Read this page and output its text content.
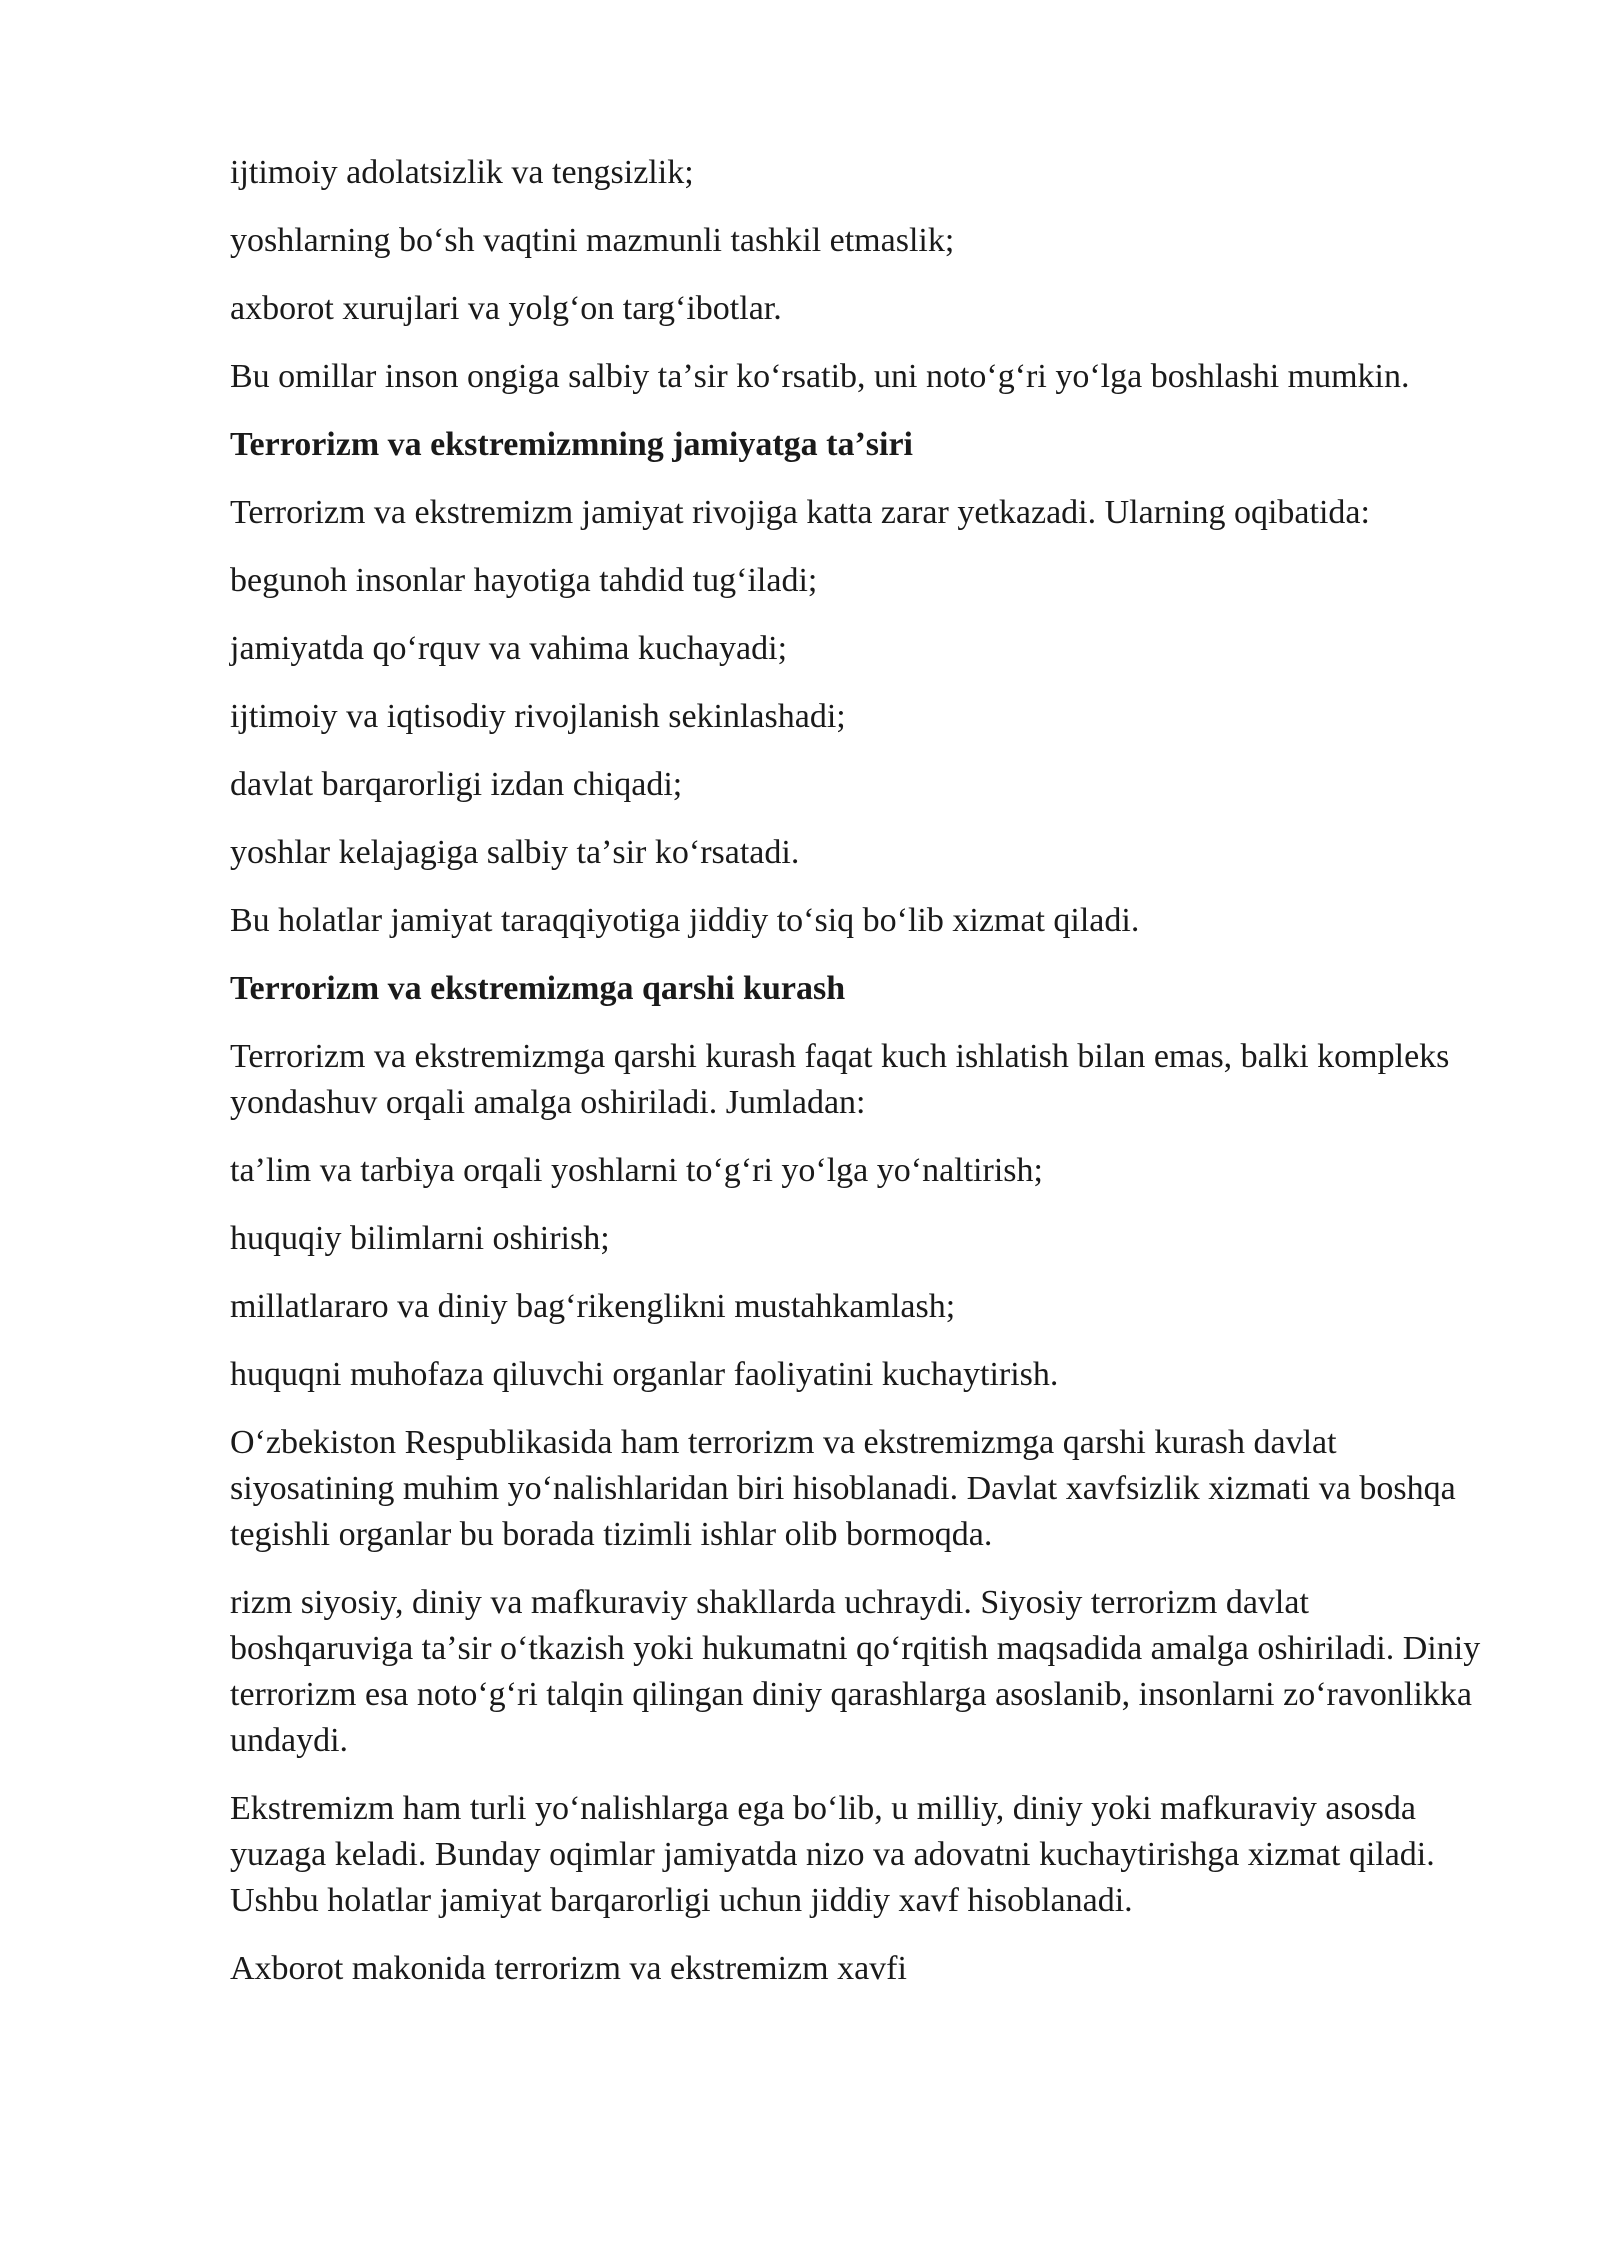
ijtimoiy adolatsizlik va tengsizlik;

yoshlarning boʻsh vaqtini mazmunli tashkil etmaslik;

axborot xurujlari va yolgʻon targʻibotlar.

Bu omillar inson ongiga salbiy taʼsir koʻrsatib, uni notoʻgʻri yoʻlga boshlashi mumkin.

Terrorizm va ekstremizmning jamiyatga taʼsiri

Terrorizm va ekstremizm jamiyat rivojiga katta zarar yetkazadi. Ularning oqibatida:

begunoh insonlar hayotiga tahdid tugʻiladi;

jamiyatda qoʻrquv va vahima kuchayadi;

ijtimoiy va iqtisodiy rivojlanish sekinlashadi;

davlat barqarorligi izdan chiqadi;

yoshlar kelajagiga salbiy taʼsir koʻrsatadi.

Bu holatlar jamiyat taraqqiyotiga jiddiy toʻsiq boʻlib xizmat qiladi.

Terrorizm va ekstremizmga qarshi kurash

Terrorizm va ekstremizmga qarshi kurash faqat kuch ishlatish bilan emas, balki kompleks yondashuv orqali amalga oshiriladi. Jumladan:

taʼlim va tarbiya orqali yoshlarni toʻgʻri yoʻlga yoʻnaltirish;

huquqiy bilimlarni oshirish;

millatlararo va diniy bagʻrikenglikni mustahkamlash;

huquqni muhofaza qiluvchi organlar faoliyatini kuchaytirish.

Oʻzbekiston Respublikasida ham terrorizm va ekstremizmga qarshi kurash davlat siyosatining muhim yoʻnalishlaridan biri hisoblanadi. Davlat xavfsizlik xizmati va boshqa tegishli organlar bu borada tizimli ishlar olib bormoqda.

rizm siyosiy, diniy va mafkuraviy shakllarda uchraydi. Siyosiy terrorizm davlat boshqaruviga taʼsir oʻtkazish yoki hukumatni qoʻrqitish maqsadida amalga oshiriladi. Diniy terrorizm esa notoʻgʻri talqin qilingan diniy qarashlarga asoslanib, insonlarni zoʻravonlikka undaydi.

Ekstremizm ham turli yoʻnalishlarga ega boʻlib, u milliy, diniy yoki mafkuraviy asosda yuzaga keladi. Bunday oqimlar jamiyatda nizo va adovatni kuchaytirishga xizmat qiladi. Ushbu holatlar jamiyat barqarorligi uchun jiddiy xavf hisoblanadi.

Axborot makonida terrorizm va ekstremizm xavfi
